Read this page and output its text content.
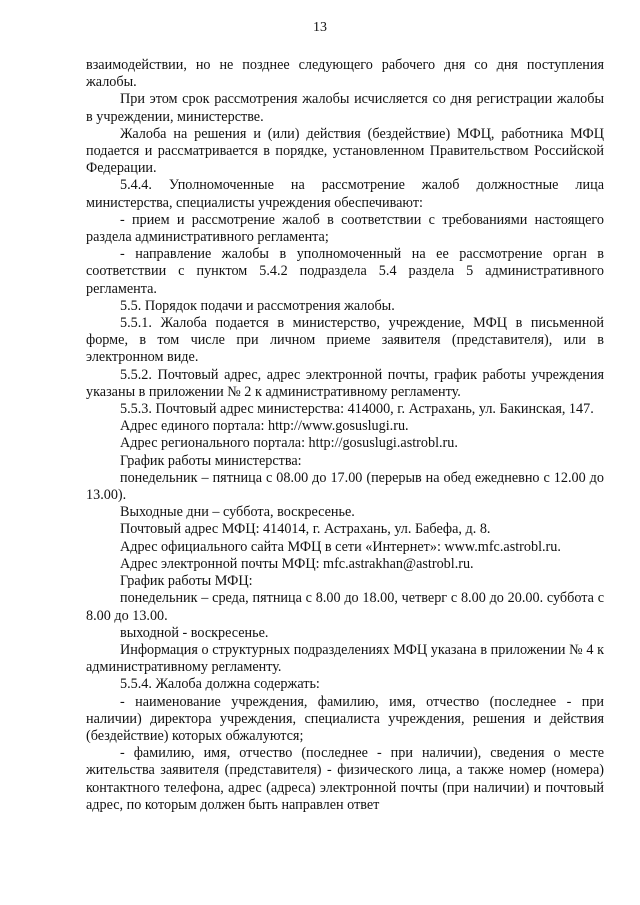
13

взаимодействии, но не позднее следующего рабочего дня со дня поступления жалобы.

При этом срок рассмотрения жалобы исчисляется со дня регистрации жалобы в учреждении, министерстве.

Жалоба на решения и (или) действия (бездействие) МФЦ, работника МФЦ подается и рассматривается в порядке, установленном Правительством Российской Федерации.

5.4.4. Уполномоченные на рассмотрение жалоб должностные лица министерства, специалисты учреждения обеспечивают:

- прием и рассмотрение жалоб в соответствии с требованиями настоящего раздела административного регламента;

- направление жалобы в уполномоченный на ее рассмотрение орган в соответствии с пунктом 5.4.2 подраздела 5.4 раздела 5 административного регламента.

5.5. Порядок подачи и рассмотрения жалобы.

5.5.1. Жалоба подается в министерство, учреждение, МФЦ в письменной форме, в том числе при личном приеме заявителя (представителя), или в электронном виде.

5.5.2. Почтовый адрес, адрес электронной почты, график работы учреждения указаны в приложении № 2 к административному регламенту.

5.5.3. Почтовый адрес министерства: 414000, г. Астрахань, ул. Бакинская, 147.

Адрес единого портала: http://www.gosuslugi.ru.

Адрес регионального портала: http://gosuslugi.astrobl.ru.

График работы министерства:

понедельник – пятница с 08.00 до 17.00 (перерыв на обед ежедневно с 12.00 до 13.00).

Выходные дни – суббота, воскресенье.

Почтовый адрес МФЦ: 414014, г. Астрахань, ул. Бабефа, д. 8.

Адрес официального сайта МФЦ в сети «Интернет»: www.mfc.astrobl.ru.

Адрес электронной почты МФЦ: mfc.astrakhan@astrobl.ru.

График работы МФЦ:

понедельник – среда, пятница с 8.00 до 18.00, четверг с 8.00 до 20.00. суббота с 8.00 до 13.00.

выходной - воскресенье.

Информация о структурных подразделениях МФЦ указана в приложении № 4 к административному регламенту.

5.5.4. Жалоба должна содержать:

- наименование учреждения, фамилию, имя, отчество (последнее - при наличии) директора учреждения, специалиста учреждения, решения и действия (бездействие) которых обжалуются;

- фамилию, имя, отчество (последнее - при наличии), сведения о месте жительства заявителя (представителя) - физического лица, а также номер (номера) контактного телефона, адрес (адреса) электронной почты (при наличии) и почтовый адрес, по которым должен быть направлен ответ
